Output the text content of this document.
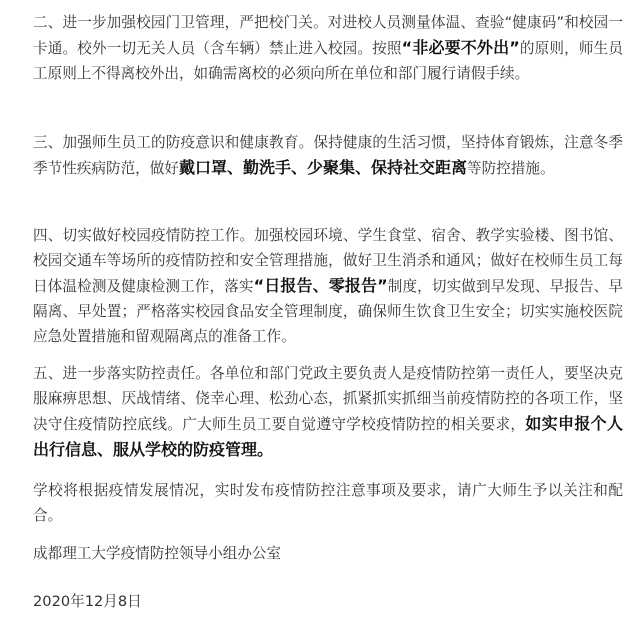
二、进一步加强校园门卫管理，严把校门关。对进校人员测量体温、查验“健康码”和校园一卡通。校外一切无关人员（含车辆）禁止进入校园。按照“非必要不外出”的原则，师生员工原则上不得离校外出，如确需离校的必须向所在单位和部门履行请假手续。

三、加强师生员工的防疫意识和健康教育。保持健康的生活习惯，坚持体育锻炼，注意冬季季节性疾病防范，做好戴口罩、勤洗手、少聚集、保持社交距离等防控措施。

四、切实做好校园疫情防控工作。加强校园环境、学生食堂、宿舍、教学实验楼、图书馆、校园交通车等场所的疫情防控和安全管理措施，做好卫生消杀和通风；做好在校师生员工每日体温检测及健康检测工作，落实“日报告、零报告”制度，切实做到早发现、早报告、早隔离、早处置；严格落实校园食品安全管理制度，确保师生饮食卫生安全；切实实施校医院应急处置措施和留观隔离点的准备工作。

五、进一步落实防控责任。各单位和部门党政主要负责人是疫情防控第一责任人，要坚决克服麻痹思想、厌战情绪、侥幸心理、松劲心态，抓紧抓实抓细当前疫情防控的各项工作，坚决守住疫情防控底线。广大师生员工要自觉遵守学校疫情防控的相关要求，如实申报个人出行信息、服从学校的防疫管理。

学校将根据疫情发展情况，实时发布疫情防控注意事项及要求，请广大师生予以关注和配合。

成都理工大学疫情防控领导小组办公室

2020年12月8日
